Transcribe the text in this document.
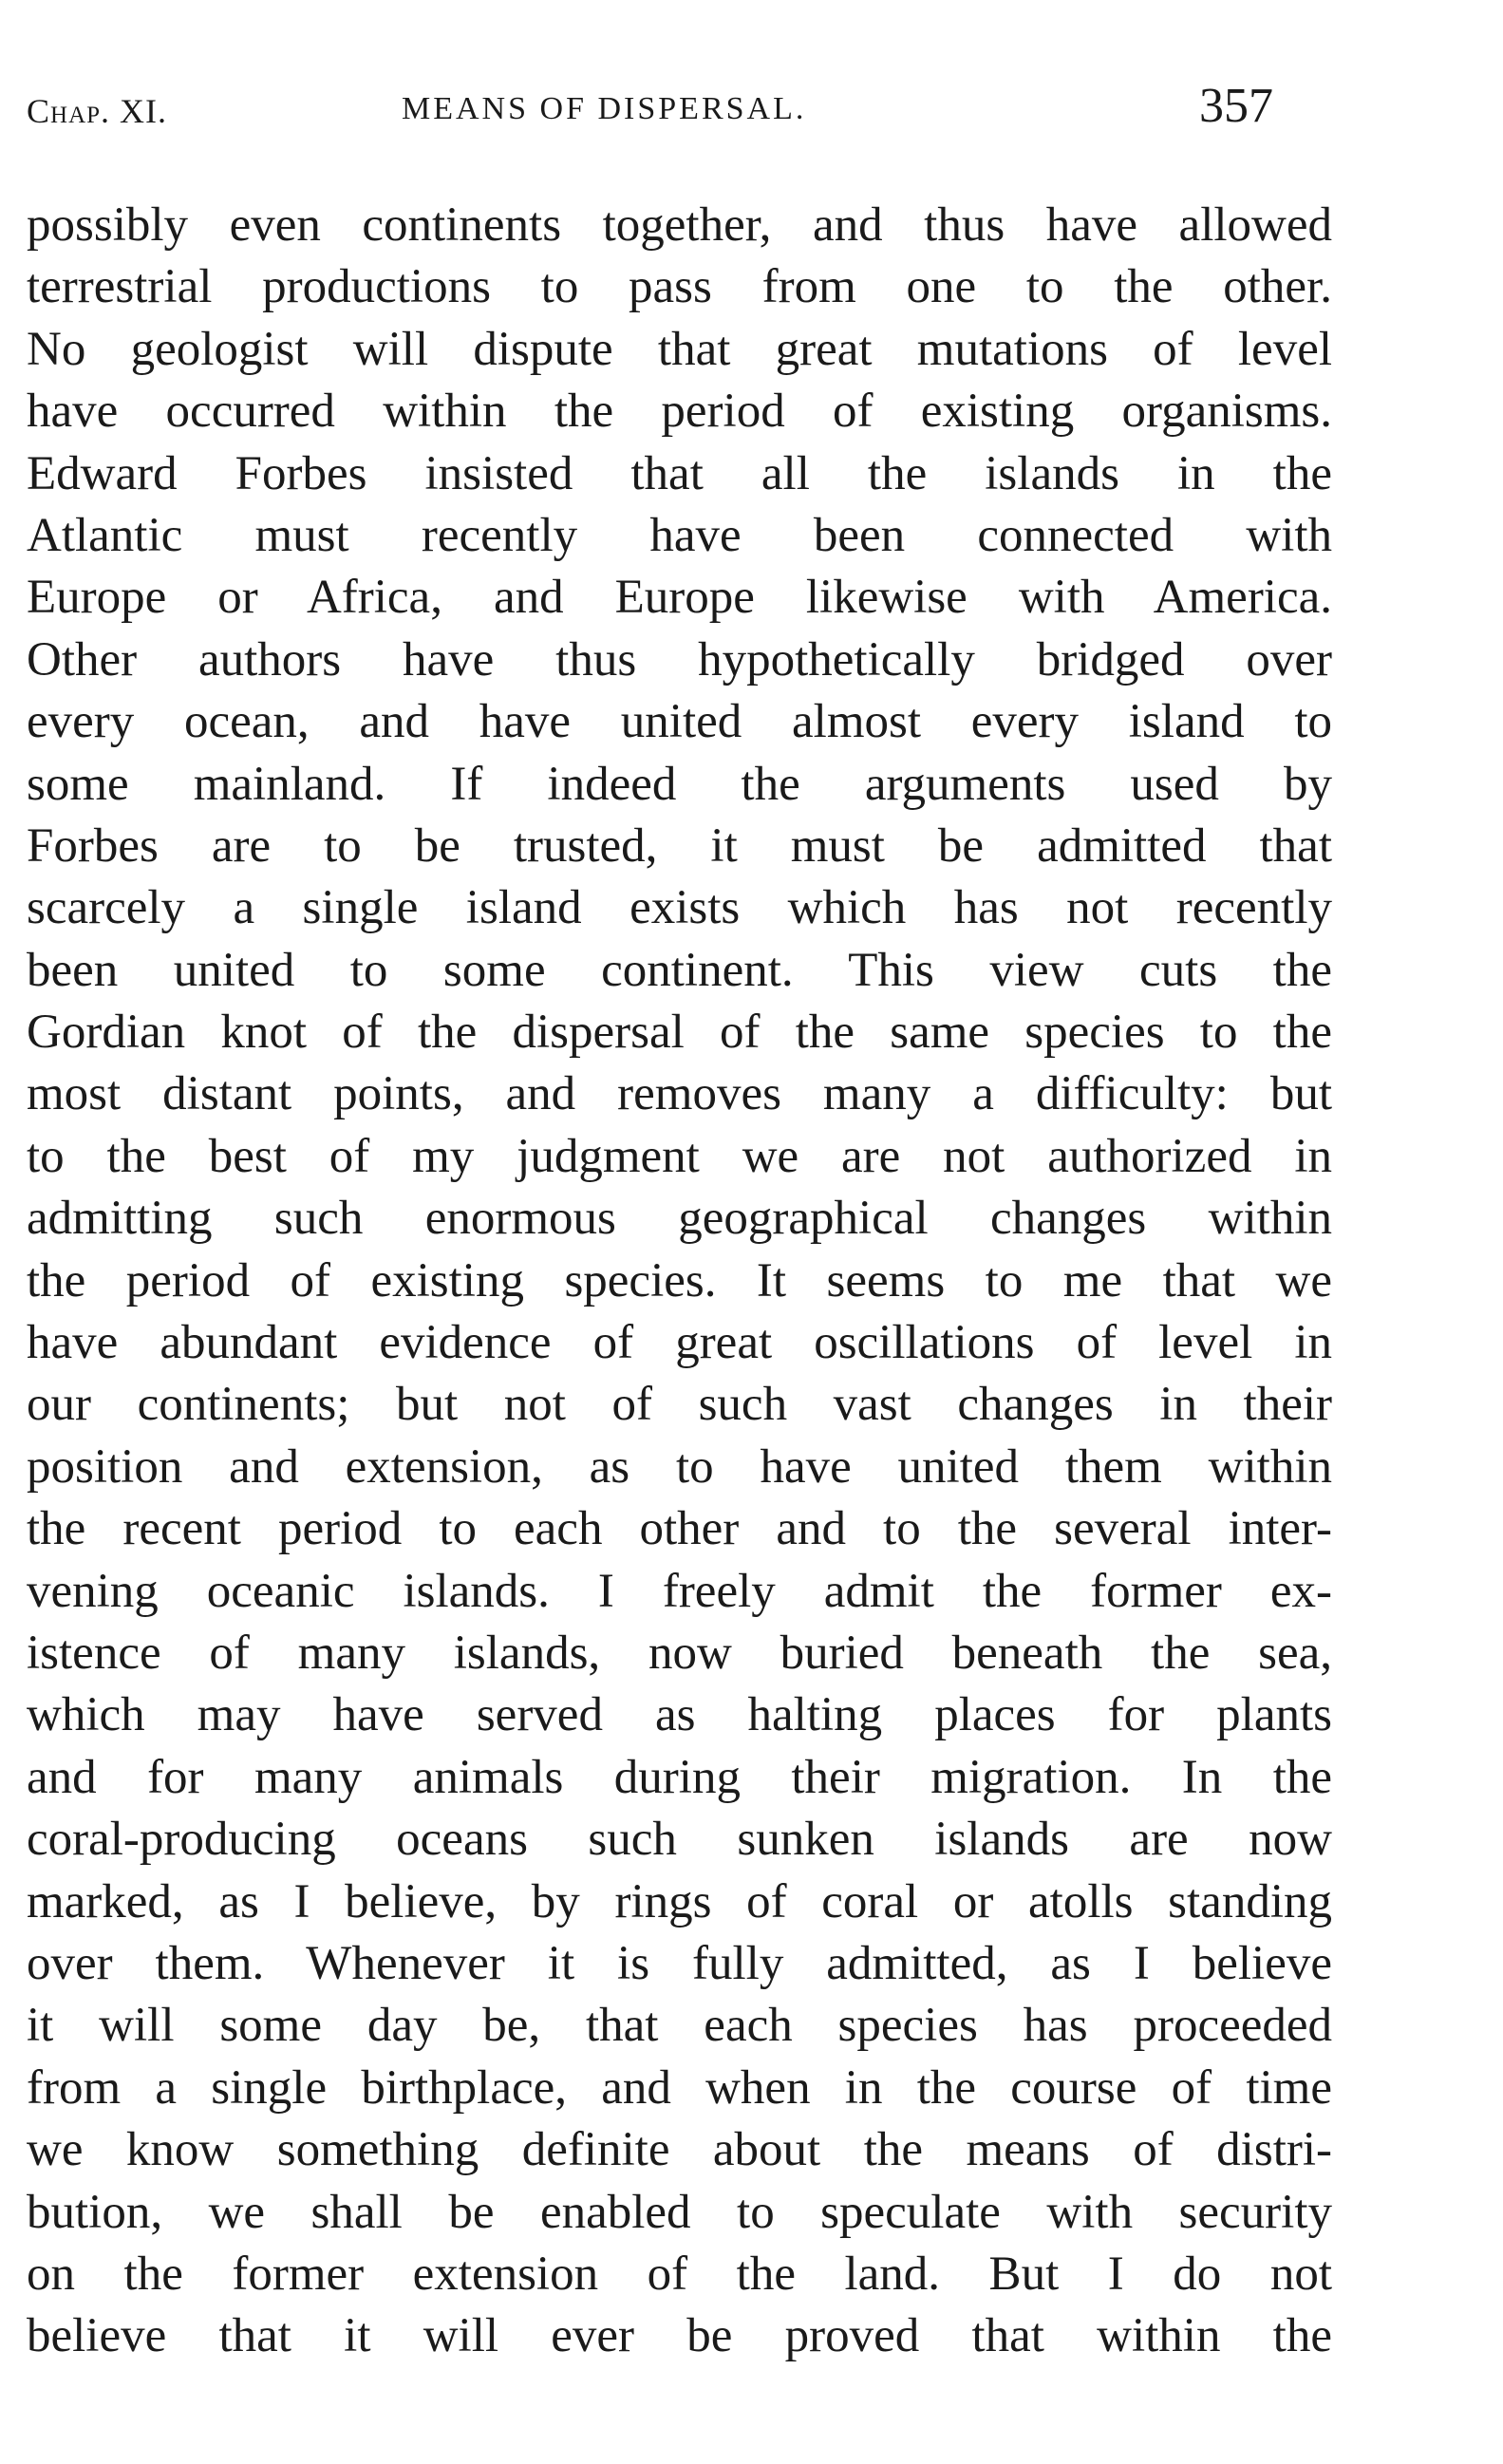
Chap. XI.	MEANS OF DISPERSAL.	357
possibly even continents together, and thus have allowed
terrestrial productions to pass from one to the other.
No geologist will dispute that great mutations of level
have occurred within the period of existing organisms.
Edward Forbes insisted that all the islands in the
Atlantic must recently have been connected with
Europe or Africa, and Europe likewise with America.
Other authors have thus hypothetically bridged over
every ocean, and have united almost every island to
some mainland. If indeed the arguments used by
Forbes are to be trusted, it must be admitted that
scarcely a single island exists which has not recently
been united to some continent. This view cuts the
Gordian knot of the dispersal of the same species to the
most distant points, and removes many a difficulty: but
to the best of my judgment we are not authorized in
admitting such enormous geographical changes within
the period of existing species. It seems to me that we
have abundant evidence of great oscillations of level in
our continents; but not of such vast changes in their
position and extension, as to have united them within
the recent period to each other and to the several inter-
vening oceanic islands. I freely admit the former ex-
istence of many islands, now buried beneath the sea,
which may have served as halting places for plants
and for many animals during their migration. In the
coral-producing oceans such sunken islands are now
marked, as I believe, by rings of coral or atolls standing
over them. Whenever it is fully admitted, as I believe
it will some day be, that each species has proceeded
from a single birthplace, and when in the course of time
we know something definite about the means of distri-
bution, we shall be enabled to speculate with security
on the former extension of the land. But I do not
believe that it will ever be proved that within the
